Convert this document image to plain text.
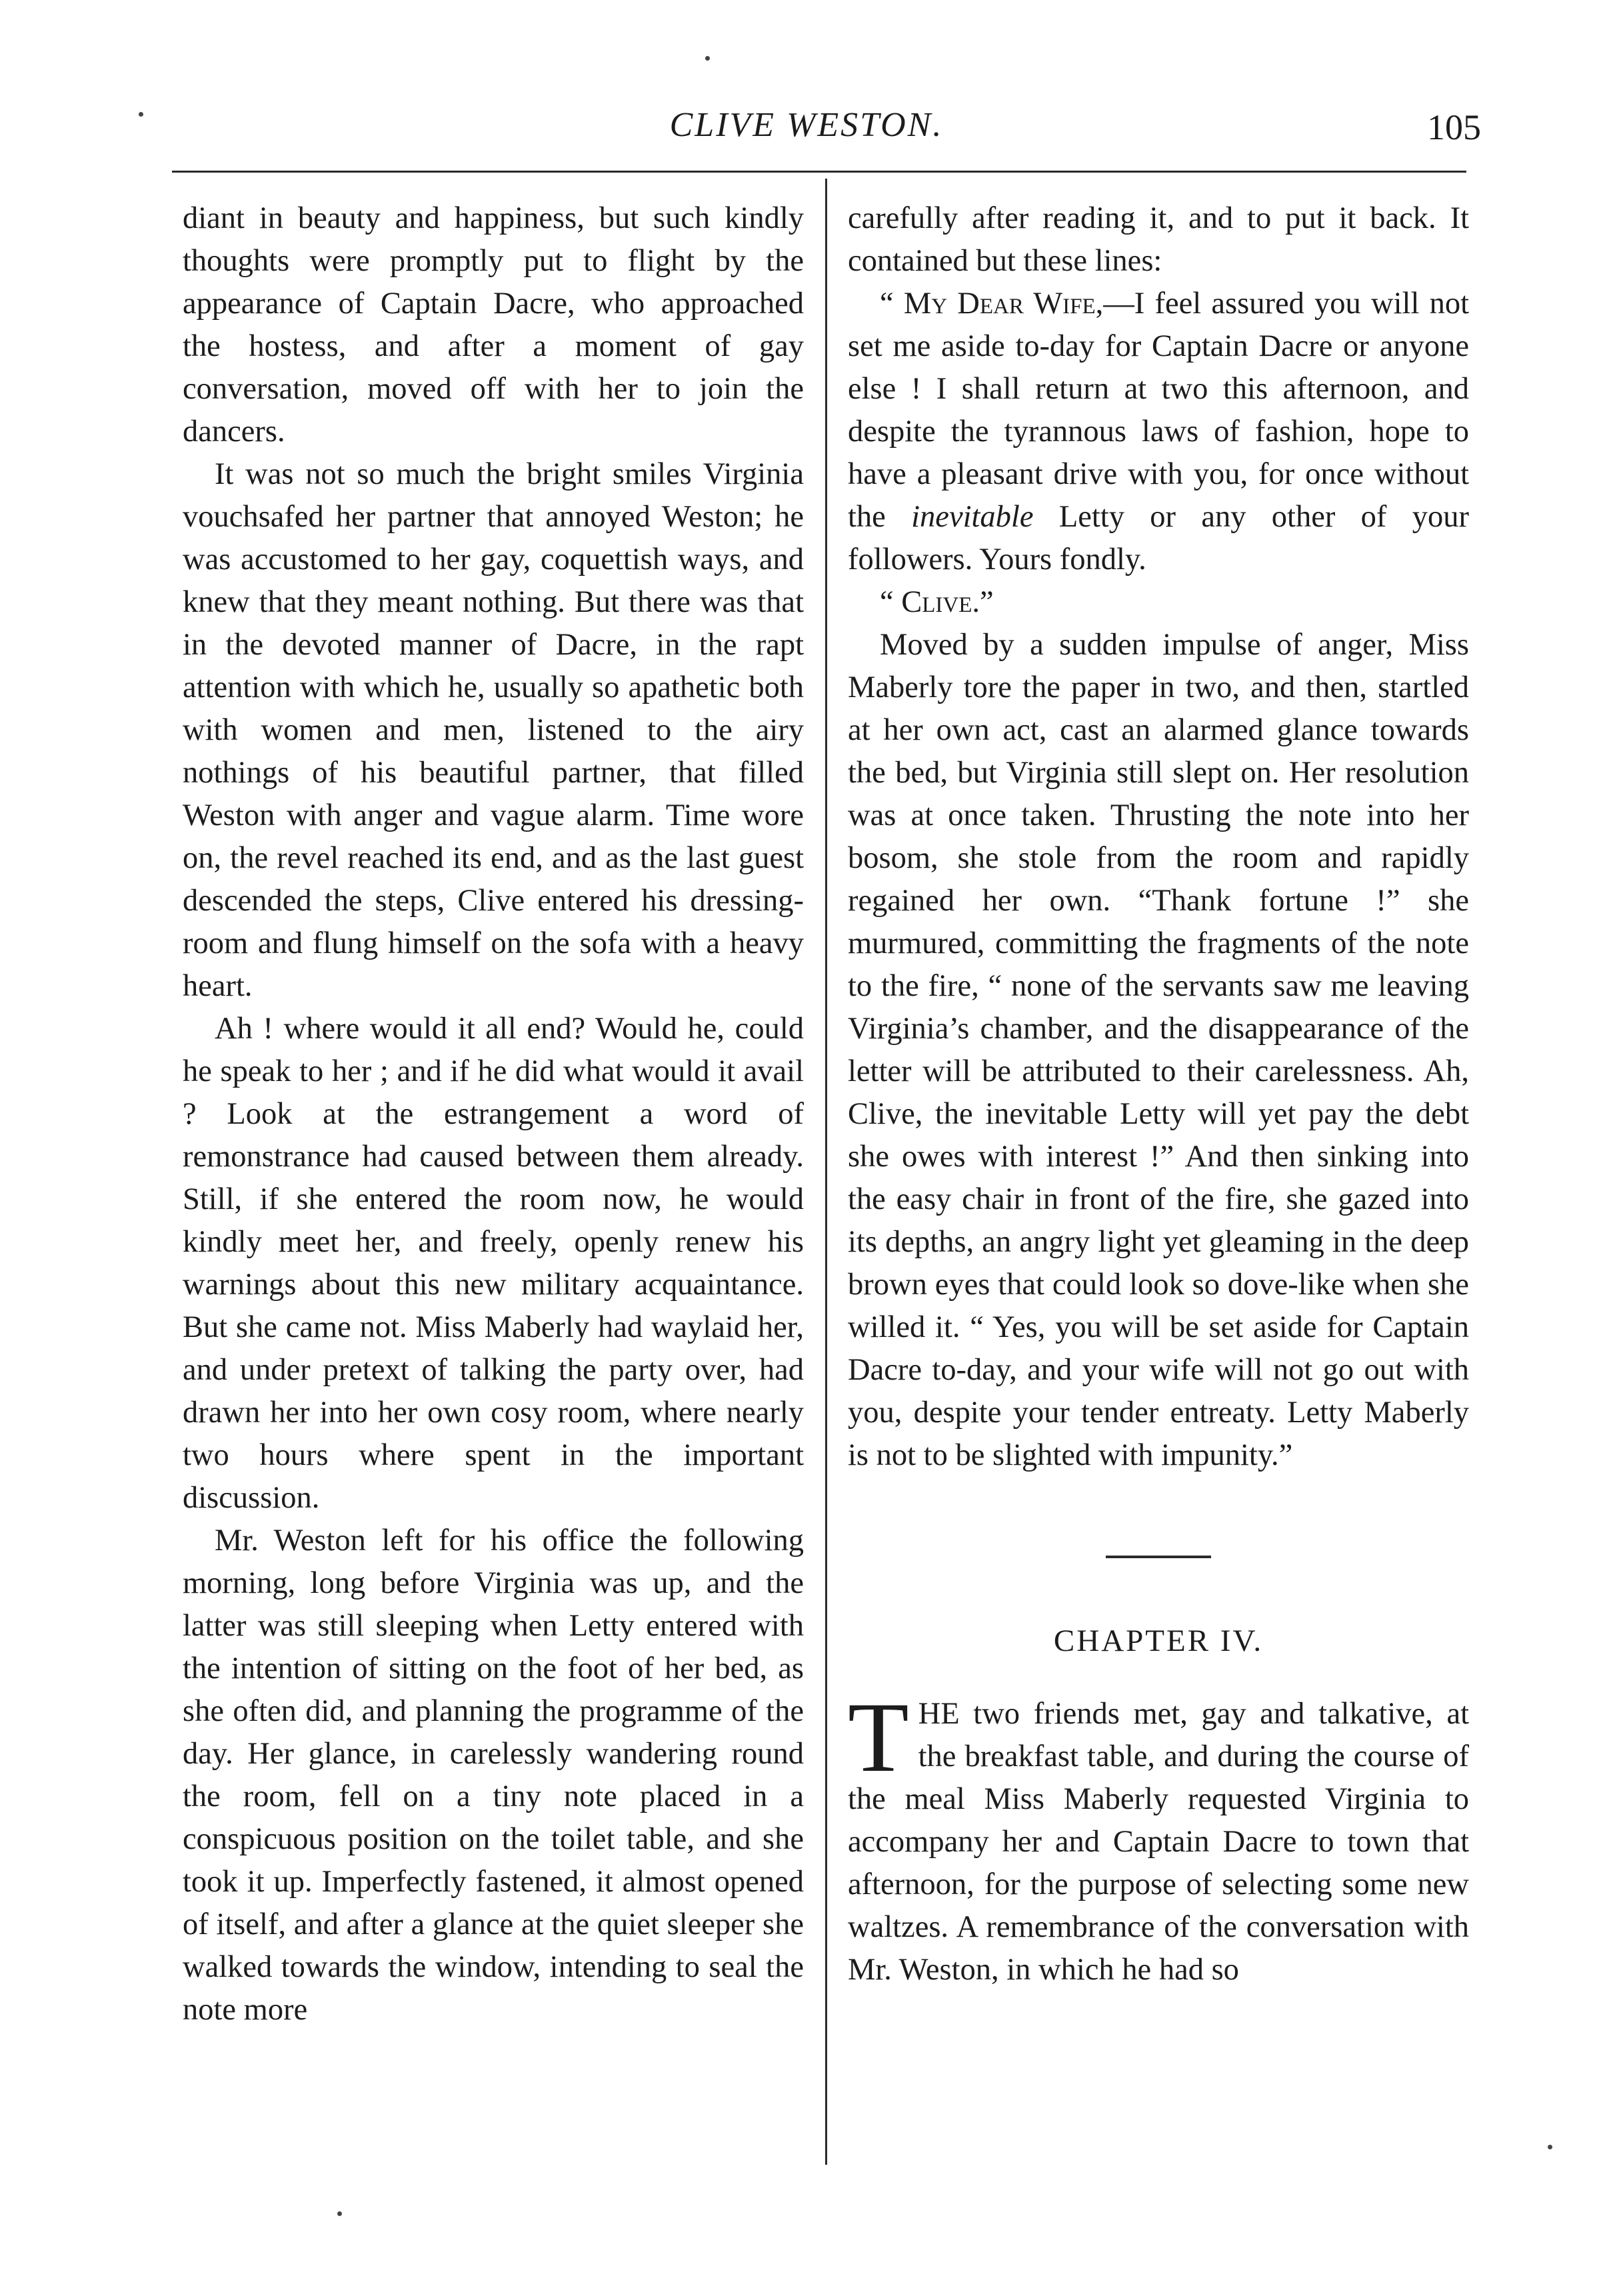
CLIVE WESTON.	105

diant in beauty and happiness, but such kindly thoughts were promptly put to flight by the appearance of Captain Dacre, who approached the hostess, and after a moment of gay conversation, moved off with her to join the dancers.

It was not so much the bright smiles Virginia vouchsafed her partner that annoyed Weston; he was accustomed to her gay, coquettish ways, and knew that they meant nothing. But there was that in the devoted manner of Dacre, in the rapt attention with which he, usually so apathetic both with women and men, listened to the airy nothings of his beautiful partner, that filled Weston with anger and vague alarm. Time wore on, the revel reached its end, and as the last guest descended the steps, Clive entered his dressing-room and flung himself on the sofa with a heavy heart.

Ah ! where would it all end? Would he, could he speak to her ; and if he did what would it avail ? Look at the estrangement a word of remonstrance had caused between them already. Still, if she entered the room now, he would kindly meet her, and freely, openly renew his warnings about this new military acquaintance. But she came not. Miss Maberly had waylaid her, and under pretext of talking the party over, had drawn her into her own cosy room, where nearly two hours where spent in the important discussion.

Mr. Weston left for his office the following morning, long before Virginia was up, and the latter was still sleeping when Letty entered with the intention of sitting on the foot of her bed, as she often did, and planning the programme of the day. Her glance, in carelessly wandering round the room, fell on a tiny note placed in a conspicuous position on the toilet table, and she took it up. Imperfectly fastened, it almost opened of itself, and after a glance at the quiet sleeper she walked towards the window, intending to seal the note more

carefully after reading it, and to put it back. It contained but these lines:

“ My Dear Wife,—I feel assured you will not set me aside to-day for Captain Dacre or anyone else ! I shall return at two this afternoon, and despite the tyrannous laws of fashion, hope to have a pleasant drive with you, for once without the inevitable Letty or any other of your followers. Yours fondly.

“ Clive.”

Moved by a sudden impulse of anger, Miss Maberly tore the paper in two, and then, startled at her own act, cast an alarmed glance towards the bed, but Virginia still slept on. Her resolution was at once taken. Thrusting the note into her bosom, she stole from the room and rapidly regained her own. “Thank fortune !” she murmured, committing the fragments of the note to the fire, “ none of the servants saw me leaving Virginia’s chamber, and the disappearance of the letter will be attributed to their carelessness. Ah, Clive, the inevitable Letty will yet pay the debt she owes with interest !” And then sinking into the easy chair in front of the fire, she gazed into its depths, an angry light yet gleaming in the deep brown eyes that could look so dove-like when she willed it. “ Yes, you will be set aside for Captain Dacre to-day, and your wife will not go out with you, despite your tender entreaty. Letty Maberly is not to be slighted with impunity.”

CHAPTER IV.

THE two friends met, gay and talkative, at the breakfast table, and during the course of the meal Miss Maberly requested Virginia to accompany her and Captain Dacre to town that afternoon, for the purpose of selecting some new waltzes. A remembrance of the conversation with Mr. Weston, in which he had so
